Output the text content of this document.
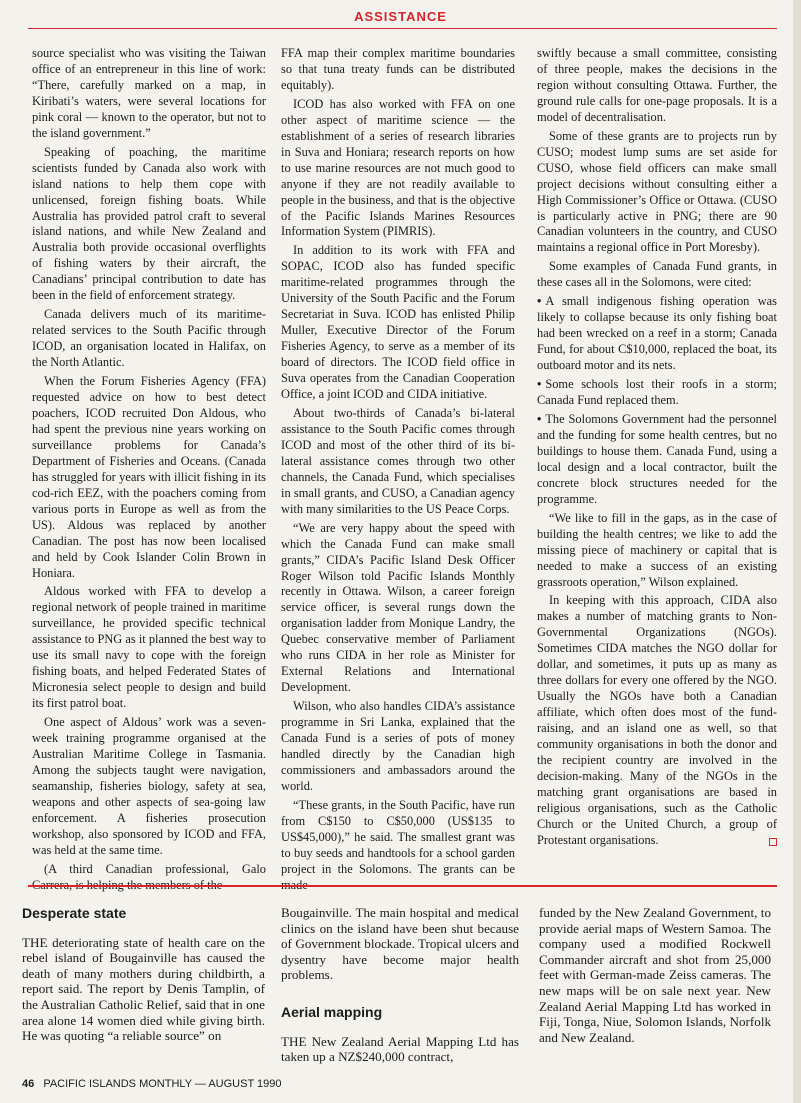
ASSISTANCE

source specialist who was visiting the Taiwan office of an entrepreneur in this line of work: “There, carefully marked on a map, in Kiribati’s waters, were several locations for pink coral — known to the operator, but not to the island government.”

Speaking of poaching, the maritime scientists funded by Canada also work with island nations to help them cope with unlicensed, foreign fishing boats. While Australia has provided patrol craft to several island nations, and while New Zealand and Australia both provide occasional overflights of fishing waters by their aircraft, the Canadians’ principal contribution to date has been in the field of enforcement strategy.

Canada delivers much of its maritime-related services to the South Pacific through ICOD, an organisation located in Halifax, on the North Atlantic.

When the Forum Fisheries Agency (FFA) requested advice on how to best detect poachers, ICOD recruited Don Aldous, who had spent the previous nine years working on surveillance problems for Canada’s Department of Fisheries and Oceans. (Canada has struggled for years with illicit fishing in its cod-rich EEZ, with the poachers coming from various ports in Europe as well as from the US). Aldous was replaced by another Canadian. The post has now been localised and held by Cook Islander Colin Brown in Honiara.

Aldous worked with FFA to develop a regional network of people trained in maritime surveillance, he provided specific technical assistance to PNG as it planned the best way to use its small navy to cope with the foreign fishing boats, and helped Federated States of Micronesia select people to design and build its first patrol boat.

One aspect of Aldous’ work was a seven-week training programme organised at the Australian Maritime College in Tasmania. Among the subjects taught were navigation, seamanship, fisheries biology, safety at sea, weapons and other aspects of sea-going law enforcement. A fisheries prosecution workshop, also sponsored by ICOD and FFA, was held at the same time.

(A third Canadian professional, Galo Carrera, is helping the members of the

FFA map their complex maritime boundaries so that tuna treaty funds can be distributed equitably).

ICOD has also worked with FFA on one other aspect of maritime science — the establishment of a series of research libraries in Suva and Honiara; research reports on how to use marine resources are not much good to anyone if they are not readily available to people in the business, and that is the objective of the Pacific Islands Marines Resources Information System (PIMRIS).

In addition to its work with FFA and SOPAC, ICOD also has funded specific maritime-related programmes through the University of the South Pacific and the Forum Secretariat in Suva. ICOD has enlisted Philip Muller, Executive Director of the Forum Fisheries Agency, to serve as a member of its board of directors. The ICOD field office in Suva operates from the Canadian Cooperation Office, a joint ICOD and CIDA initiative.

About two-thirds of Canada’s bi-lateral assistance to the South Pacific comes through ICOD and most of the other third of its bi-lateral assistance comes through two other channels, the Canada Fund, which specialises in small grants, and CUSO, a Canadian agency with many similarities to the US Peace Corps.

“We are very happy about the speed with which the Canada Fund can make small grants,” CIDA’s Pacific Island Desk Officer Roger Wilson told Pacific Islands Monthly recently in Ottawa. Wilson, a career foreign service officer, is several rungs down the organisation ladder from Monique Landry, the Quebec conservative member of Parliament who runs CIDA in her role as Minister for External Relations and International Development.

Wilson, who also handles CIDA’s assistance programme in Sri Lanka, explained that the Canada Fund is a series of pots of money handled directly by the Canadian high commissioners and ambassadors around the world.

“These grants, in the South Pacific, have run from C$150 to C$50,000 (US$135 to US$45,000),” he said. The smallest grant was to buy seeds and handtools for a school garden project in the Solomons. The grants can be made

swiftly because a small committee, consisting of three people, makes the decisions in the region without consulting Ottawa. Further, the ground rule calls for one-page proposals. It is a model of decentralisation.

Some of these grants are to projects run by CUSO; modest lump sums are set aside for CUSO, whose field officers can make small project decisions without consulting either a High Commissioner’s Office or Ottawa. (CUSO is particularly active in PNG; there are 90 Canadian volunteers in the country, and CUSO maintains a regional office in Port Moresby).

Some examples of Canada Fund grants, in these cases all in the Solomons, were cited:

• A small indigenous fishing operation was likely to collapse because its only fishing boat had been wrecked on a reef in a storm; Canada Fund, for about C$10,000, replaced the boat, its outboard motor and its nets.

• Some schools lost their roofs in a storm; Canada Fund replaced them.

• The Solomons Government had the personnel and the funding for some health centres, but no buildings to house them. Canada Fund, using a local design and a local contractor, built the concrete block structures needed for the programme.

“We like to fill in the gaps, as in the case of building the health centres; we like to add the missing piece of machinery or capital that is needed to make a success of an existing grassroots operation,” Wilson explained.

In keeping with this approach, CIDA also makes a number of matching grants to Non-Governmental Organizations (NGOs). Sometimes CIDA matches the NGO dollar for dollar, and sometimes, it puts up as many as three dollars for every one offered by the NGO. Usually the NGOs have both a Canadian affiliate, which often does most of the fund-raising, and an island one as well, so that community organisations in both the donor and the recipient country are involved in the decision-making. Many of the NGOs in the matching grant organisations are based in religious organisations, such as the Catholic Church or the United Church, a group of Protestant organisations.

Desperate state

THE deteriorating state of health care on the rebel island of Bougainville has caused the death of many mothers during childbirth, a report said. The report by Denis Tamplin, of the Australian Catholic Relief, said that in one area alone 14 women died while giving birth. He was quoting “a reliable source” on

Bougainville. The main hospital and medical clinics on the island have been shut because of Government blockade. Tropical ulcers and dysentry have become major health problems.

Aerial mapping

THE New Zealand Aerial Mapping Ltd has taken up a NZ$240,000 contract,

funded by the New Zealand Government, to provide aerial maps of Western Samoa. The company used a modified Rockwell Commander aircraft and shot from 25,000 feet with German-made Zeiss cameras. The new maps will be on sale next year. New Zealand Aerial Mapping Ltd has worked in Fiji, Tonga, Niue, Solomon Islands, Norfolk and New Zealand.

46 PACIFIC ISLANDS MONTHLY — AUGUST 1990
